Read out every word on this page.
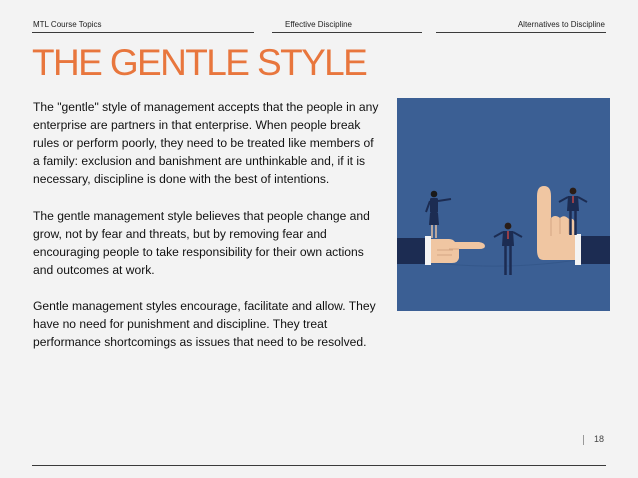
MTL Course Topics	Effective Discipline	Alternatives to Discipline
THE GENTLE STYLE

The "gentle" style of management accepts that the people in any enterprise are partners in that enterprise. When people break rules or perform poorly, they need to be treated like members of a family: exclusion and banishment are unthinkable and, if it is necessary, discipline is done with the best of intentions.

The gentle management style believes that people change and grow, not by fear and threats, but by removing fear and encouraging people to take responsibility for their own actions and outcomes at work.

Gentle management styles encourage, facilitate and allow. They have no need for punishment and discipline. They treat performance shortcomings as issues that need to be resolved.

18
